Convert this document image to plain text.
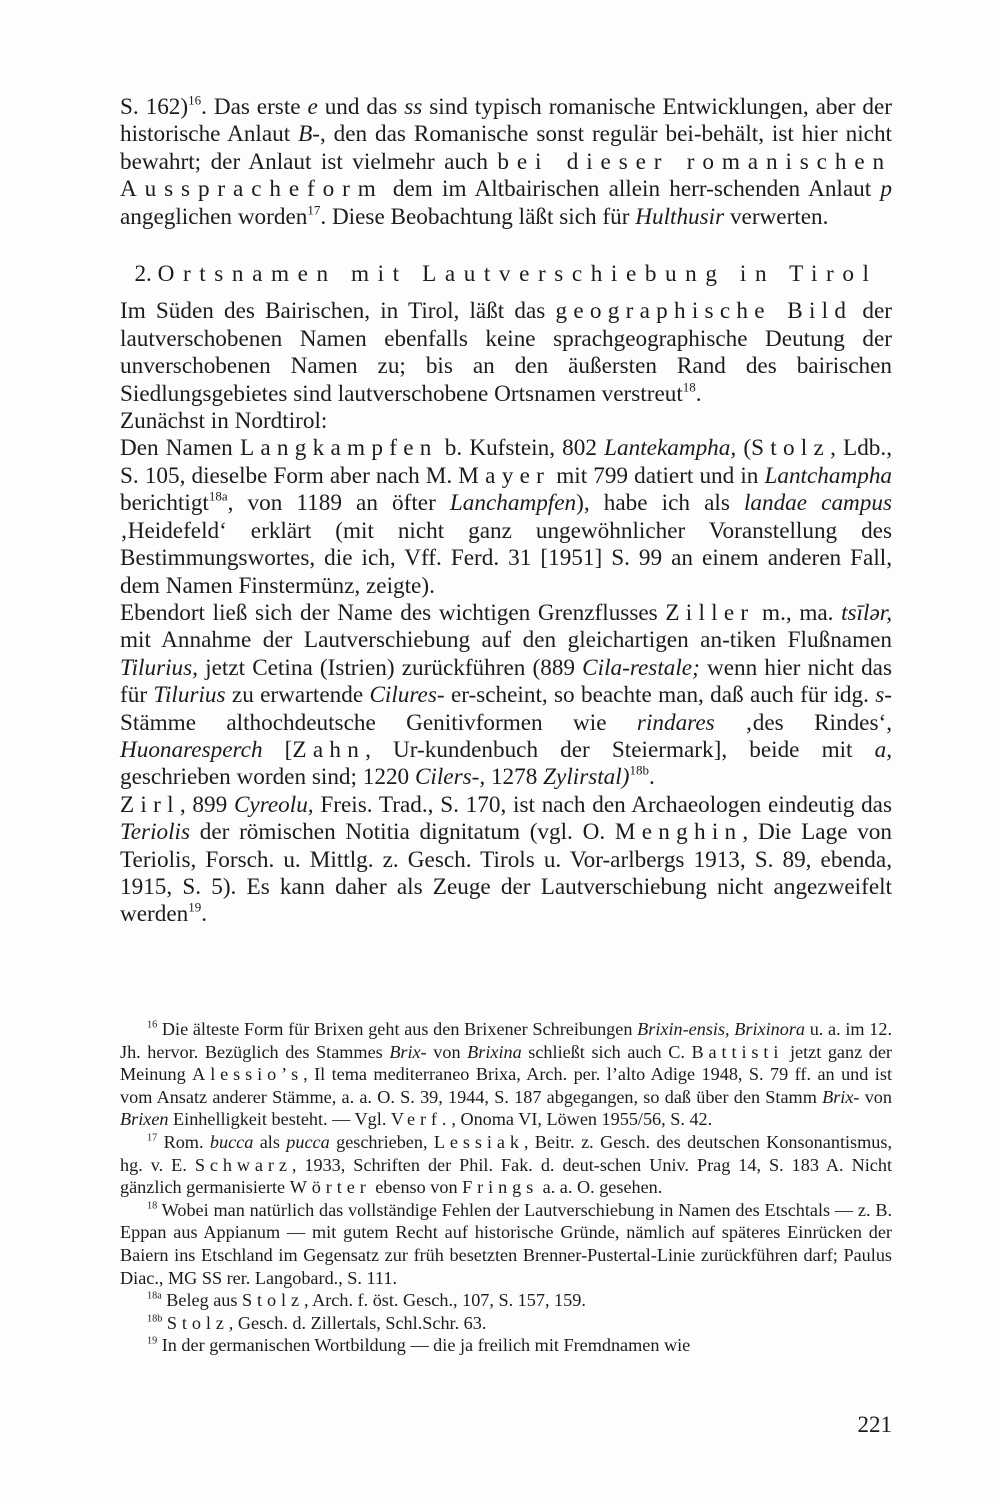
S. 162)$^{16}$. Das erste e und das ss sind typisch romanische Entwicklungen, aber der historische Anlaut B-, den das Romanische sonst regulär bei-behält, ist hier nicht bewahrt; der Anlaut ist vielmehr auch bei dieser romanischen Ausspracheform dem im Altbairischen allein herr-schenden Anlaut p angeglichen worden$^{17}$. Diese Beobachtung läßt sich für Hulthusir verwerten.

2. Ortsnamen mit Lautverschiebung in Tirol

Im Süden des Bairischen, in Tirol, läßt das geographische Bild der lautverschobenen Namen ebenfalls keine sprachgeographische Deutung der unverschobenen Namen zu; bis an den äußersten Rand des bairischen Siedlungsgebietes sind lautverschobene Ortsnamen verstreut$^{18}$.

Zunächst in Nordtirol:

Den Namen Langkampfen b. Kufstein, 802 Lantekampha, (Stolz, Ldb., S. 105, dieselbe Form aber nach M. Mayer mit 799 datiert und in Lantchampha berichtigt$^{18a}$, von 1189 an öfter Lanchampfen), habe ich als landae campus ‚Heidefeld‘ erklärt (mit nicht ganz ungewöhnlicher Voranstellung des Bestimmungswortes, die ich, Vff. Ferd. 31 [1951] S. 99 an einem anderen Fall, dem Namen Finstermünz, zeigte).

Ebendort ließ sich der Name des wichtigen Grenzflusses Ziller m., ma. tsīlər, mit Annahme der Lautverschiebung auf den gleichartigen an-tiken Flußnamen Tilurius, jetzt Cetina (Istrien) zurückführen (889 Cila-restale; wenn hier nicht das für Tilurius zu erwartende Cilures- er-scheint, so beachte man, daß auch für idg. s-Stämme althochdeutsche Genitivformen wie rindares ‚des Rindes‘, Huonaresperch [Zahn, Ur-kundenbuch der Steiermark], beide mit a, geschrieben worden sind; 1220 Cilers-, 1278 Zylirstal)$^{18b}$.

Zirl, 899 Cyreolu, Freis. Trad., S. 170, ist nach den Archaeologen eindeutig das Teriolis der römischen Notitia dignitatum (vgl. O. Menghin, Die Lage von Teriolis, Forsch. u. Mittlg. z. Gesch. Tirols u. Vor-arlbergs 1913, S. 89, ebenda, 1915, S. 5). Es kann daher als Zeuge der Lautverschiebung nicht angezweifelt werden$^{19}$.

$^{16}$ Die älteste Form für Brixen geht aus den Brixener Schreibungen Brixin-ensis, Brixinora u. a. im 12. Jh. hervor. Bezüglich des Stammes Brix- von Brixina schließt sich auch C. Battisti jetzt ganz der Meinung Alessio’s, Il tema mediterraneo Brixa, Arch. per. l’alto Adige 1948, S. 79 ff. an und ist vom Ansatz anderer Stämme, a. a. O. S. 39, 1944, S. 187 abgegangen, so daß über den Stamm Brix- von Brixen Einhelligkeit besteht. — Vgl. Verf., Onoma VI, Löwen 1955/56, S. 42.

$^{17}$ Rom. bucca als pucca geschrieben, Lessiak, Beitr. z. Gesch. des deutschen Konsonantismus, hg. v. E. Schwarz, 1933, Schriften der Phil. Fak. d. deut-schen Univ. Prag 14, S. 183 A. Nicht gänzlich germanisierte Wörter ebenso von Frings a. a. O. gesehen.

$^{18}$ Wobei man natürlich das vollständige Fehlen der Lautverschiebung in Namen des Etschtals — z. B. Eppan aus Appianum — mit gutem Recht auf historische Gründe, nämlich auf späteres Einrücken der Baiern ins Etschland im Gegensatz zur früh besetzten Brenner-Pustertal-Linie zurückführen darf; Paulus Diac., MG SS rer. Langobard., S. 111.

$^{18a}$ Beleg aus Stolz, Arch. f. öst. Gesch., 107, S. 157, 159.

$^{18b}$ Stolz, Gesch. d. Zillertals, Schl.Schr. 63.

$^{19}$ In der germanischen Wortbildung — die ja freilich mit Fremdnamen wie

221
